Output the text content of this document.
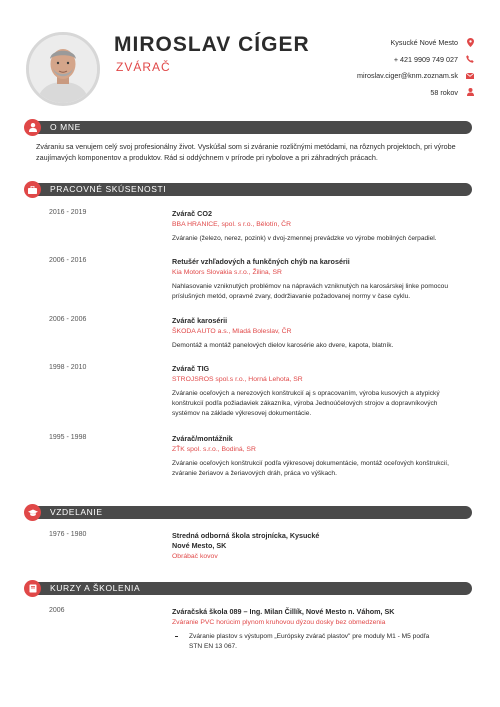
MIROSLAV CÍGER
ZVÁRAČ
Kysucké Nové Mesto
+ 421 9909 749 027
miroslav.ciger@knm.zoznam.sk
58 rokov
O MNE
Zváraniu sa venujem celý svoj profesionálny život. Vyskúšal som si zváranie rozličnými metódami, na rôznych projektoch, pri výrobe zaujímavých komponentov a produktov. Rád si oddýchnem v prírode pri rybolove a pri záhradných prácach.
PRACOVNÉ SKÚSENOSTI
2016 - 2019	Zvárač CO2
BBA HRANICE, spol. s r.o., Bělotín, ČR
Zváranie (železo, nerez, pozink) v dvoj-zmennej prevádzke vo výrobe mobilných čerpadiel.
2006 - 2016	Retušér vzhľadových a funkčných chýb na karosérii
Kia Motors Slovakia s.r.o., Žilina, SR
Nahlasovanie vzniknutých problémov na nápravách vzniknutých na karosárskej linke pomocou príslušných metód, opravné zvary, dodržiavanie požadovanej normy v čase cyklu.
2006 - 2006	Zvárač karosérii
ŠKODA AUTO a.s., Mladá Boleslav, ČR
Demontáž a montáž panelových dielov karosérie ako dvere, kapota, blatník.
1998 - 2010	Zvárač TIG
STROJSROS spol.s r.o., Horná Lehota, SR
Zváranie oceľových a nerezových konštrukcií aj s opracovaním, výroba kusových a atypický konštrukcií podľa požiadaviek zákazníka, výroba Jednoúčelových strojov a dopravníkových systémov na základe výkresovej dokumentácie.
1995 - 1998	Zvárač/montážnik
ZŤK spol. s.r.o., Bodiná, SR
Zváranie oceľových konštrukcií podľa výkresovej dokumentácie, montáž oceľových konštrukcií, zváranie žeriavov a žeriavových dráh, práca vo výškach.
VZDELANIE
1976 - 1980	Stredná odborná škola strojnícka, Kysucké Nové Mesto, SK
Obrábač kovov
KURZY A ŠKOLENIA
2006	Zváračská škola 089 – Ing. Milan Čillík, Nové Mesto n. Váhom, SK
Zváranie PVC horúcim plynom kruhovou dýzou dosky bez obmedzenia
Zváranie plastov s výstupom „Európsky zvárač plastov" pre moduly M1 - M5 podľa STN EN 13 067.
